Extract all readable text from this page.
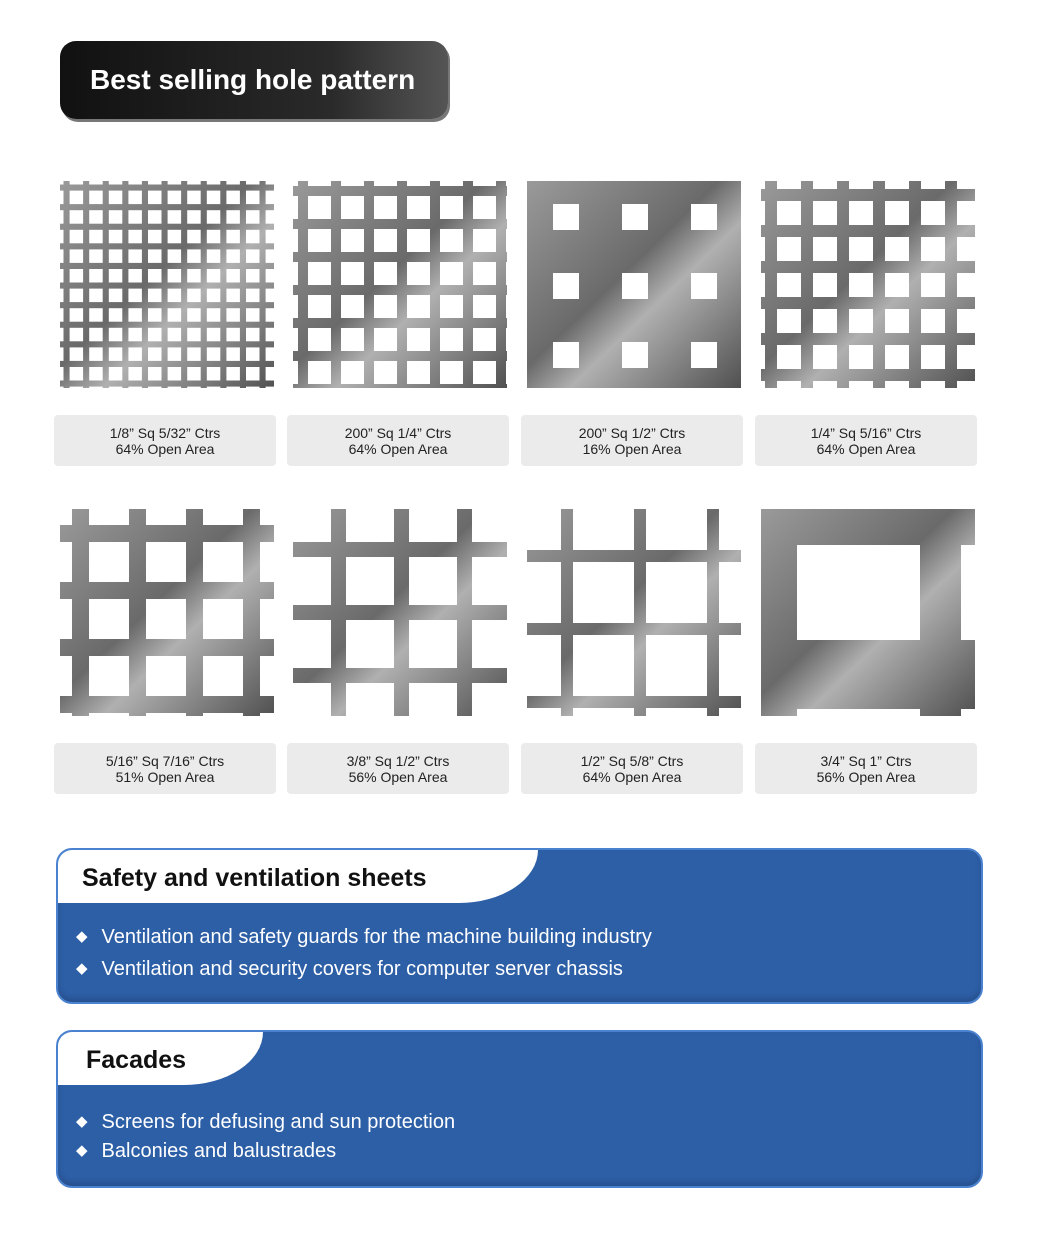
Best selling hole pattern
1/8” Sq 5/32” Ctrs
64% Open Area
200” Sq 1/4” Ctrs
64% Open Area
200” Sq 1/2” Ctrs
16% Open Area
1/4” Sq 5/16” Ctrs
64% Open Area
5/16” Sq 7/16” Ctrs
51% Open Area
3/8” Sq 1/2” Ctrs
56% Open Area
1/2” Sq 5/8” Ctrs
64% Open Area
3/4” Sq 1” Ctrs
56% Open Area
Safety and ventilation sheets
◆ Ventilation and safety guards for the machine building industry
◆ Ventilation and security covers for computer server chassis
Facades
◆ Screens for defusing and sun protection
◆ Balconies and balustrades
